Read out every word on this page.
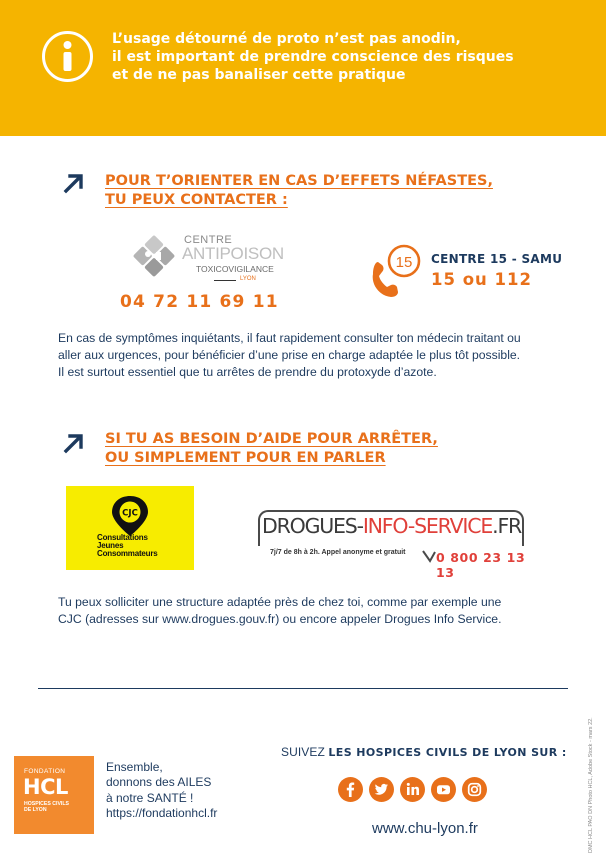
L’usage détourné de proto n’est pas anodin,
il est important de prendre conscience des risques
et de ne pas banaliser cette pratique
POUR T’ORIENTER EN CAS D’EFFETS NÉFASTES,
TU PEUX CONTACTER :
CENTRE
ANTIPOISON
TOXICOVIGILANCE
LYON
04 72 11 69 11
15 CENTRE 15 - SAMU
15 ou 112
En cas de symptômes inquiétants, il faut rapidement consulter ton médecin traitant ou
aller aux urgences, pour bénéficier d’une prise en charge adaptée le plus tôt possible.
Il est surtout essentiel que tu arrêtes de prendre du protoxyde d’azote.
SI TU AS BESOIN D’AIDE POUR ARRÊTER,
OU SIMPLEMENT POUR EN PARLER
CJC
Consultations
Jeunes
Consommateurs
DROGUES-INFO-SERVICE.FR
7j/7 de 8h à 2h. Appel anonyme et gratuit 0 800 23 13 13
Tu peux solliciter une structure adaptée près de chez toi, comme par exemple une
CJC (adresses sur www.drogues.gouv.fr) ou encore appeler Drogues Info Service.
FONDATION
HCL
HOSPICES CIVILS
DE LYON
Ensemble,
donnons des AILES
à notre SANTÉ !
https://fondationhcl.fr
SUIVEZ LES HOSPICES CIVILS DE LYON SUR :
www.chu-lyon.fr	DMC HCL PAO DN Photo HCL, Adobe Stock - mars 22.
